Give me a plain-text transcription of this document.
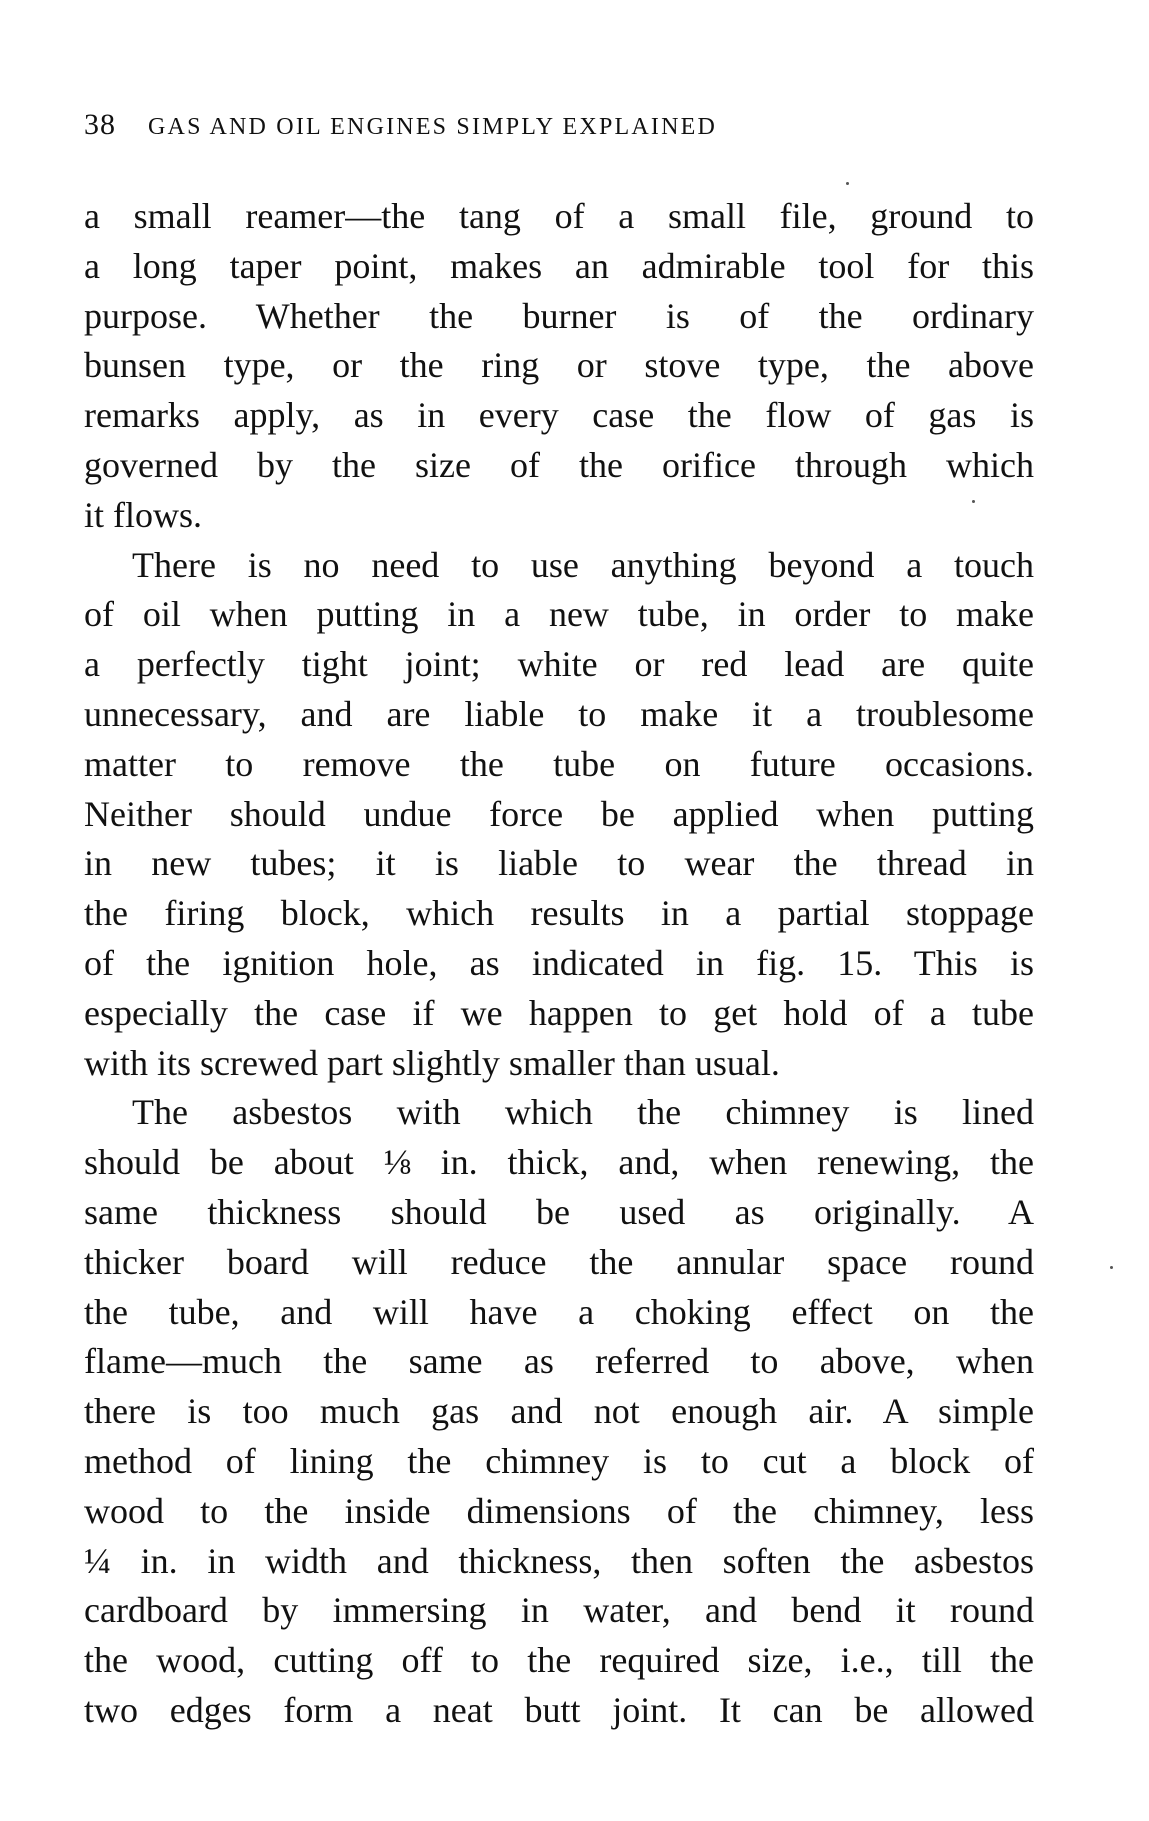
38 GAS AND OIL ENGINES SIMPLY EXPLAINED

a small reamer—the tang of a small file, ground to

a long taper point, makes an admirable tool for this

purpose. Whether the burner is of the ordinary

bunsen type, or the ring or stove type, the above

remarks apply, as in every case the flow of gas is

governed by the size of the orifice through which

it flows.

There is no need to use anything beyond a touch

of oil when putting in a new tube, in order to make

a perfectly tight joint; white or red lead are quite

unnecessary, and are liable to make it a troublesome

matter to remove the tube on future occasions.

Neither should undue force be applied when putting

in new tubes; it is liable to wear the thread in

the firing block, which results in a partial stoppage

of the ignition hole, as indicated in fig. 15. This is

especially the case if we happen to get hold of a tube

with its screwed part slightly smaller than usual.

The asbestos with which the chimney is lined

should be about ⅛ in. thick, and, when renewing, the

same thickness should be used as originally. A

thicker board will reduce the annular space round

the tube, and will have a choking effect on the

flame—much the same as referred to above, when

there is too much gas and not enough air. A simple

method of lining the chimney is to cut a block of

wood to the inside dimensions of the chimney, less

¼ in. in width and thickness, then soften the asbestos

cardboard by immersing in water, and bend it round

the wood, cutting off to the required size, i.e., till the

two edges form a neat butt joint. It can be allowed
